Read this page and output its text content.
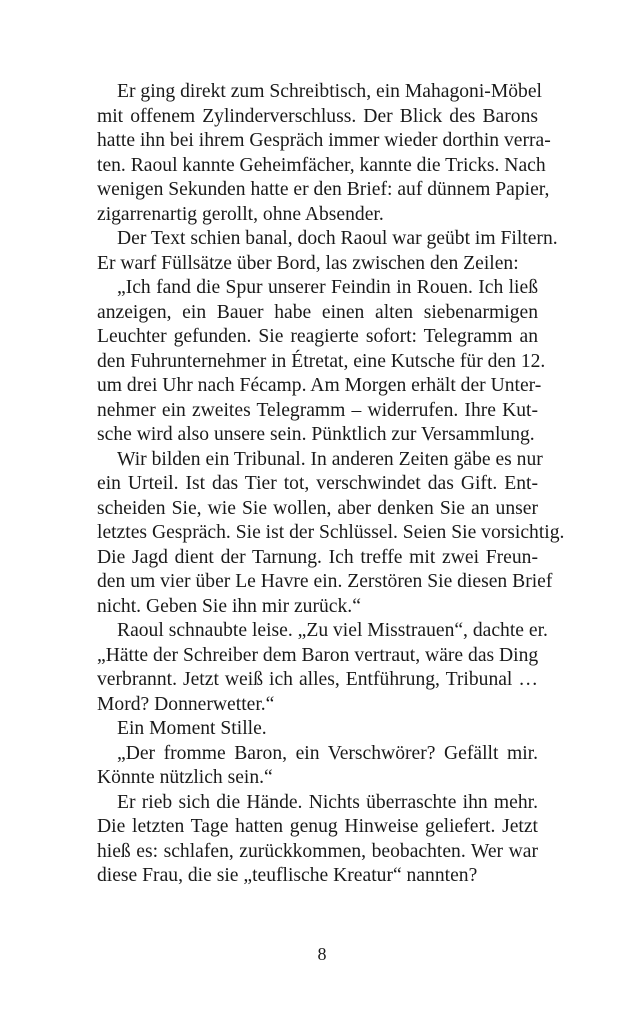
Er ging direkt zum Schreibtisch, ein Mahagoni-Möbel
mit offenem Zylinderverschluss. Der Blick des Barons
hatte ihn bei ihrem Gespräch immer wieder dorthin verra-
ten. Raoul kannte Geheimfächer, kannte die Tricks. Nach
wenigen Sekunden hatte er den Brief: auf dünnem Papier,
zigarrenartig gerollt, ohne Absender.
Der Text schien banal, doch Raoul war geübt im Filtern.
Er warf Füllsätze über Bord, las zwischen den Zeilen:
„Ich fand die Spur unserer Feindin in Rouen. Ich ließ
anzeigen, ein Bauer habe einen alten siebenarmigen
Leuchter gefunden. Sie reagierte sofort: Telegramm an
den Fuhrunternehmer in Étretat, eine Kutsche für den 12.
um drei Uhr nach Fécamp. Am Morgen erhält der Unter-
nehmer ein zweites Telegramm – widerrufen. Ihre Kut-
sche wird also unsere sein. Pünktlich zur Versammlung.
Wir bilden ein Tribunal. In anderen Zeiten gäbe es nur
ein Urteil. Ist das Tier tot, verschwindet das Gift. Ent-
scheiden Sie, wie Sie wollen, aber denken Sie an unser
letztes Gespräch. Sie ist der Schlüssel. Seien Sie vorsichtig.
Die Jagd dient der Tarnung. Ich treffe mit zwei Freun-
den um vier über Le Havre ein. Zerstören Sie diesen Brief
nicht. Geben Sie ihn mir zurück.“
Raoul schnaubte leise. „Zu viel Misstrauen“, dachte er.
„Hätte der Schreiber dem Baron vertraut, wäre das Ding
verbrannt. Jetzt weiß ich alles, Entführung, Tribunal …
Mord? Donnerwetter.“
Ein Moment Stille.
„Der fromme Baron, ein Verschwörer? Gefällt mir.
Könnte nützlich sein.“
Er rieb sich die Hände. Nichts überraschte ihn mehr.
Die letzten Tage hatten genug Hinweise geliefert. Jetzt
hieß es: schlafen, zurückkommen, beobachten. Wer war
diese Frau, die sie „teuflische Kreatur“ nannten?
8
